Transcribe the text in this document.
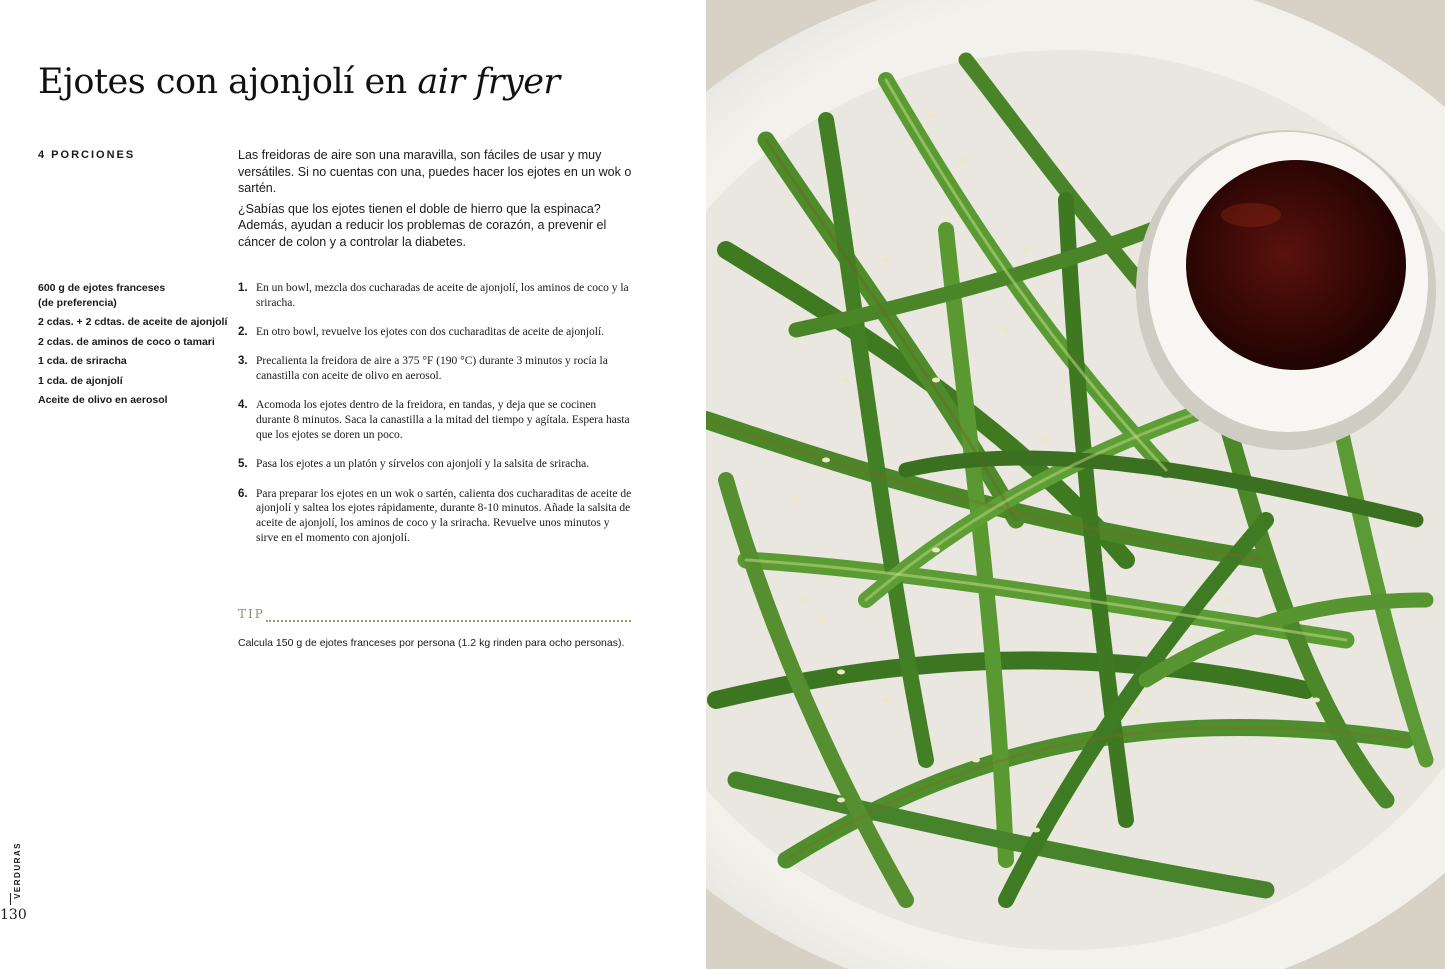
Ejotes con ajonjolí en air fryer
4 PORCIONES	Las freidoras de aire son una maravilla, son fáciles de usar y muy versátiles. Si no cuentas con una, puedes hacer los ejotes en un wok o sartén.

¿Sabías que los ejotes tienen el doble de hierro que la espinaca? Además, ayudan a reducir los problemas de corazón, a prevenir el cáncer de colon y a controlar la diabetes.

600 g de ejotes franceses (de preferencia)
2 cdas. + 2 cdtas. de aceite de ajonjolí
2 cdas. de aminos de coco o tamari
1 cda. de sriracha
1 cda. de ajonjolí
Aceite de olivo en aerosol
1. En un bowl, mezcla dos cucharadas de aceite de ajonjolí, los aminos de coco y la sriracha.
2. En otro bowl, revuelve los ejotes con dos cucharaditas de aceite de ajonjolí.
3. Precalienta la freidora de aire a 375 °F (190 °C) durante 3 minutos y rocía la canastilla con aceite de olivo en aerosol.
4. Acomoda los ejotes dentro de la freidora, en tandas, y deja que se cocinen durante 8 minutos. Saca la canastilla a la mitad del tiempo y agítala. Espera hasta que los ejotes se doren un poco.
5. Pasa los ejotes a un platón y sírvelos con ajonjolí y la salsita de sriracha.
6. Para preparar los ejotes en un wok o sartén, calienta dos cucharaditas de aceite de ajonjolí y saltea los ejotes rápidamente, durante 8-10 minutos. Añade la salsita de aceite de ajonjolí, los aminos de coco y la sriracha. Revuelve unos minutos y sirve en el momento con ajonjolí.
TIP
Calcula 150 g de ejotes franceses por persona (1.2 kg rinden para ocho personas).
VERDURAS
130
